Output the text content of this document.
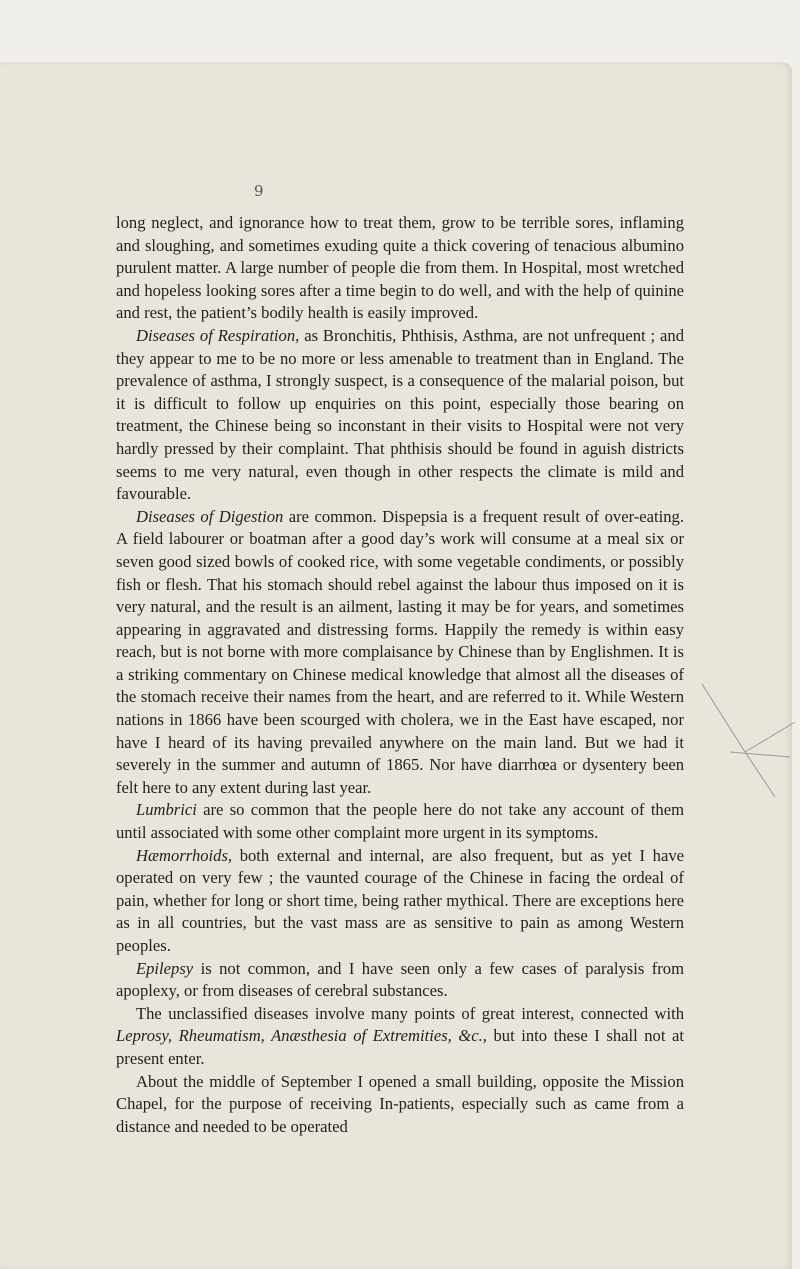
9

long neglect, and ignorance how to treat them, grow to be terrible sores, inflaming and sloughing, and sometimes exuding quite a thick covering of tenacious albumino purulent matter. A large number of people die from them. In Hospital, most wretched and hopeless looking sores after a time begin to do well, and with the help of quinine and rest, the patient’s bodily health is easily improved.

Diseases of Respiration, as Bronchitis, Phthisis, Asthma, are not unfrequent ; and they appear to me to be no more or less amenable to treatment than in England. The prevalence of asthma, I strongly suspect, is a consequence of the malarial poison, but it is difficult to follow up enquiries on this point, especially those bearing on treatment, the Chinese being so inconstant in their visits to Hospital were not very hardly pressed by their complaint. That phthisis should be found in aguish districts seems to me very natural, even though in other respects the climate is mild and favourable.

Diseases of Digestion are common. Dispepsia is a frequent result of over-eating. A field labourer or boatman after a good day’s work will consume at a meal six or seven good sized bowls of cooked rice, with some vegetable condiments, or possibly fish or flesh. That his stomach should rebel against the labour thus imposed on it is very natural, and the result is an ailment, lasting it may be for years, and sometimes appearing in aggravated and distressing forms. Happily the remedy is within easy reach, but is not borne with more complaisance by Chinese than by Englishmen. It is a striking commentary on Chinese medical knowledge that almost all the diseases of the stomach receive their names from the heart, and are referred to it. While Western nations in 1866 have been scourged with cholera, we in the East have escaped, nor have I heard of its having prevailed anywhere on the main land. But we had it severely in the summer and autumn of 1865. Nor have diarrhœa or dysentery been felt here to any extent during last year.

Lumbrici are so common that the people here do not take any account of them until associated with some other complaint more urgent in its symptoms.

Hæmorrhoids, both external and internal, are also frequent, but as yet I have operated on very few ; the vaunted courage of the Chinese in facing the ordeal of pain, whether for long or short time, being rather mythical. There are exceptions here as in all countries, but the vast mass are as sensitive to pain as among Western peoples.

Epilepsy is not common, and I have seen only a few cases of paralysis from apoplexy, or from diseases of cerebral substances.

The unclassified diseases involve many points of great interest, connected with Leprosy, Rheumatism, Anæsthesia of Extremities, &c., but into these I shall not at present enter.

About the middle of September I opened a small building, opposite the Mission Chapel, for the purpose of receiving In-patients, especially such as came from a distance and needed to be operated
